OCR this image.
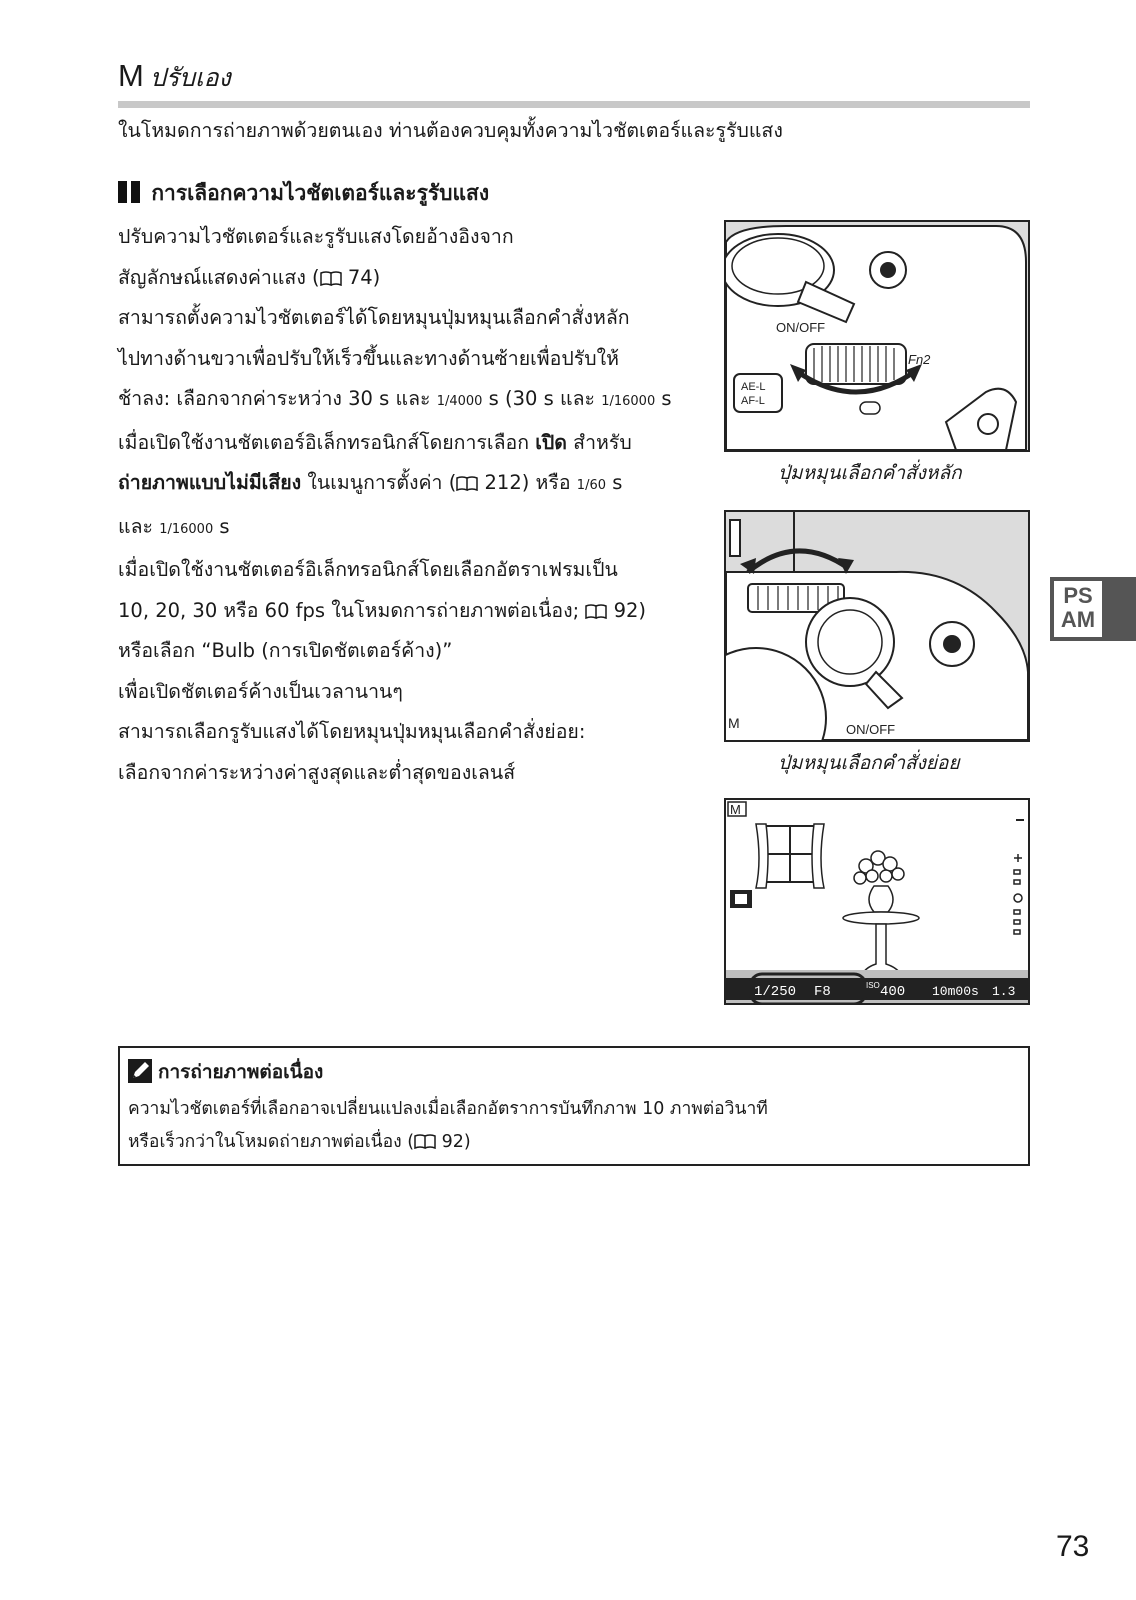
M ปรับเอง
ในโหมดการถ่ายภาพด้วยตนเอง ท่านต้องควบคุมทั้งความไวชัตเตอร์และรูรับแสง
การเลือกความไวชัตเตอร์และรูรับแสง
ปรับความไวชัตเตอร์และรูรับแสงโดยอ้างอิงจาก
สัญลักษณ์แสดงค่าแสง ( 74)
สามารถตั้งความไวชัตเตอร์ได้โดยหมุนปุ่มหมุนเลือกคำสั่งหลัก
ไปทางด้านขวาเพื่อปรับให้เร็วขึ้นและทางด้านซ้ายเพื่อปรับให้
ช้าลง: เลือกจากค่าระหว่าง 30 s และ 1/4000 s (30 s และ 1/16000 s
เมื่อเปิดใช้งานชัตเตอร์อิเล็กทรอนิกส์โดยการเลือก เปิด สำหรับ
ถ่ายภาพแบบไม่มีเสียง ในเมนูการตั้งค่า ( 212) หรือ 1/60 s
และ 1/16000 s
เมื่อเปิดใช้งานชัตเตอร์อิเล็กทรอนิกส์โดยเลือกอัตราเฟรมเป็น
10, 20, 30 หรือ 60 fps ในโหมดการถ่ายภาพต่อเนื่อง;  92)
หรือเลือก “Bulb (การเปิดชัตเตอร์ค้าง)”
เพื่อเปิดชัตเตอร์ค้างเป็นเวลานานๆ
สามารถเลือกรูรับแสงได้โดยหมุนปุ่มหมุนเลือกคำสั่งย่อย:
เลือกจากค่าระหว่างค่าสูงสุดและต่ำสุดของเลนส์
ON/OFF
Fn2
AE-L
AF-L
ปุ่มหมุนเลือกคำสั่งหลัก
M	ON/OFF
ปุ่มหมุนเลือกคำสั่งย่อย
M
1/250 F8	ISO 400 10m00s 1.3
PS
AM
การถ่ายภาพต่อเนื่อง
ความไวชัตเตอร์ที่เลือกอาจเปลี่ยนแปลงเมื่อเลือกอัตราการบันทึกภาพ 10 ภาพต่อวินาที
หรือเร็วกว่าในโหมดถ่ายภาพต่อเนื่อง ( 92)
73
